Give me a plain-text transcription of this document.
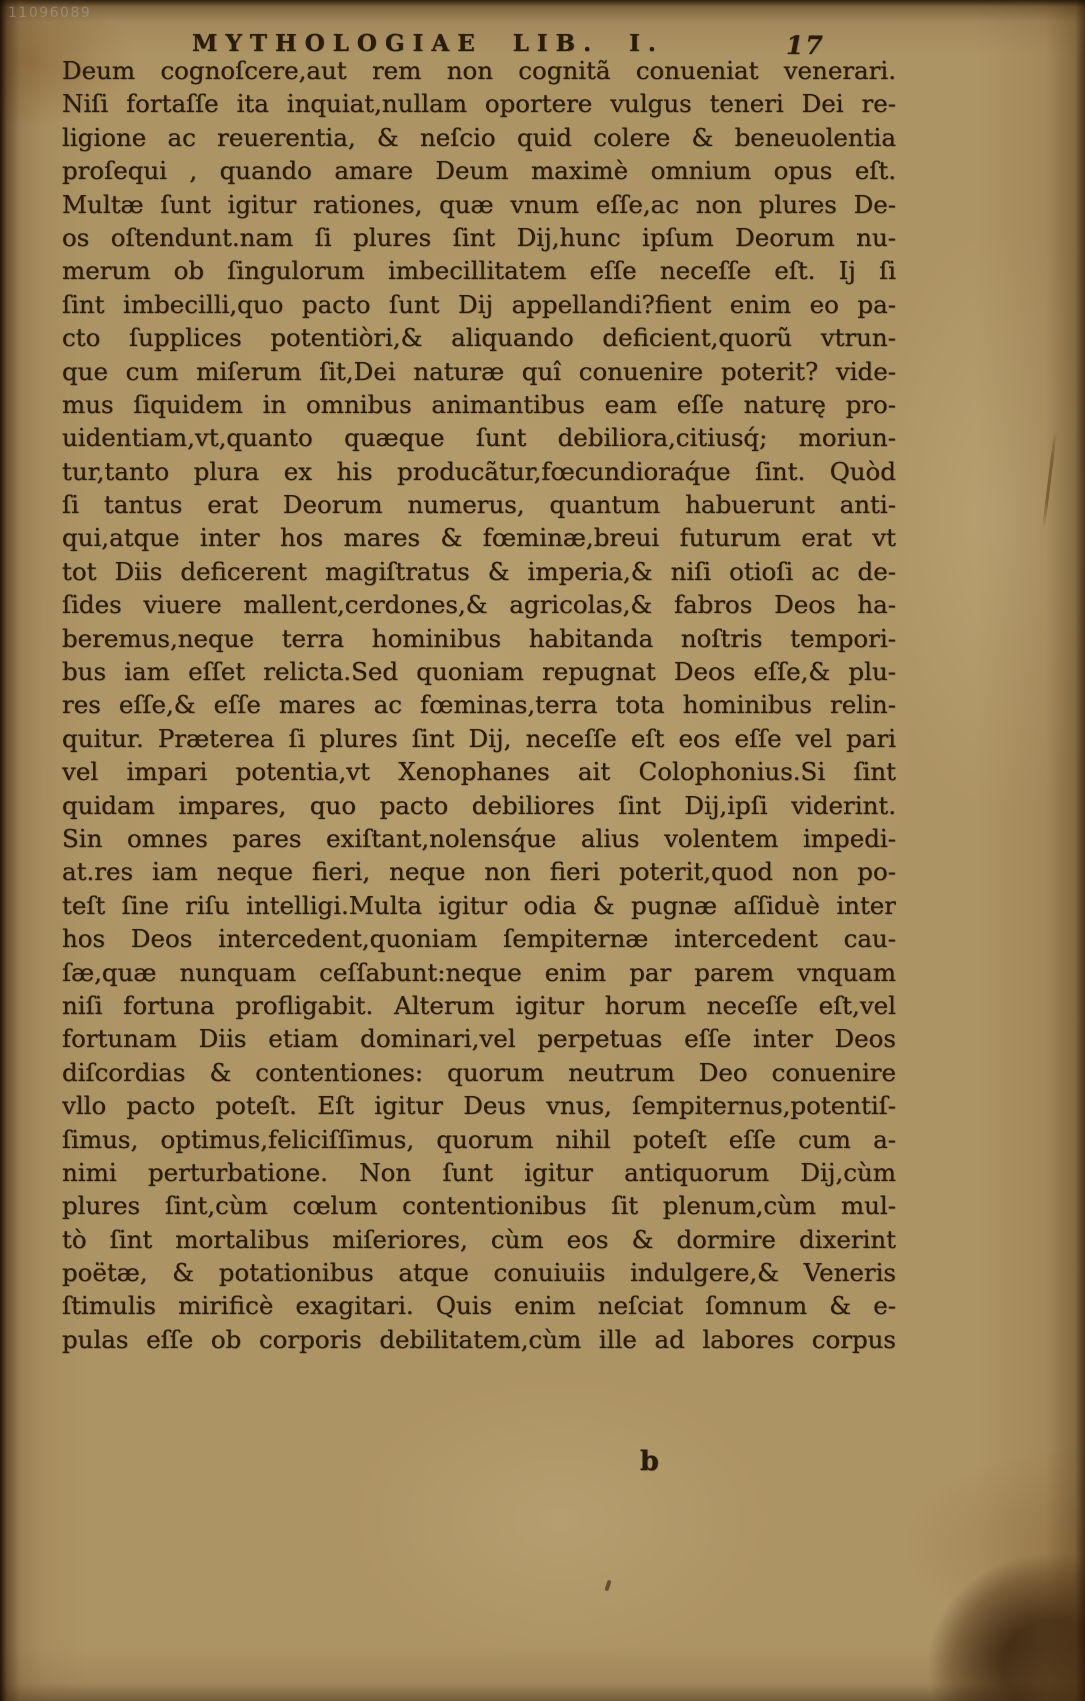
11096089
MYTHOLOGIAE LIB. I.	17
Deum cognoſcere,aut rem non cognitã conueniat venerari.
Niſi fortaſſe ita inquiat,nullam oportere vulgus teneri Dei re-
ligione ac reuerentia, & neſcio quid colere & beneuolentia
proſequi , quando amare Deum maximè omnium opus eſt.
Multæ ſunt igitur rationes, quæ vnum eſſe,ac non plures De-
os oſtendunt.nam ſi plures ſint Dij,hunc ipſum Deorum nu-
merum ob ſingulorum imbecillitatem eſſe neceſſe eſt. Ij ſi
ſint imbecilli,quo pacto ſunt Dij appellandi?fient enim eo pa-
cto ſupplices potentiòri,& aliquando deficient,quorũ vtrun-
que cum miſerum ſit,Dei naturæ quî conuenire poterit? vide-
mus ſiquidem in omnibus animantibus eam eſſe naturę pro-
uidentiam,vt,quanto quæque ſunt debiliora,citiusq́; moriun-
tur,tanto plura ex his producãtur,fœcundioraq́ue ſint. Quòd
ſi tantus erat Deorum numerus, quantum habuerunt anti-
qui,atque inter hos mares & fœminæ,breui futurum erat vt
tot Diis deficerent magiſtratus & imperia,& niſi otioſi ac de-
ſides viuere mallent,cerdones,& agricolas,& fabros Deos ha-
beremus,neque terra hominibus habitanda noſtris tempori-
bus iam eſſet relicta.Sed quoniam repugnat Deos eſſe,& plu-
res eſſe,& eſſe mares ac fœminas,terra tota hominibus relin-
quitur. Præterea ſi plures ſint Dij, neceſſe eſt eos eſſe vel pari
vel impari potentia,vt Xenophanes ait Colophonius.Si ſint
quidam impares, quo pacto debiliores ſint Dij,ipſi viderint.
Sin omnes pares exiſtant,nolensq́ue alius volentem impedi-
at.res iam neque fieri, neque non fieri poterit,quod non po-
teſt ſine riſu intelligi.Multa igitur odia & pugnæ aſſiduè inter
hos Deos intercedent,quoniam ſempiternæ intercedent cau-
ſæ,quæ nunquam ceſſabunt:neque enim par parem vnquam
niſi fortuna profligabit. Alterum igitur horum neceſſe eſt,vel
fortunam Diis etiam dominari,vel perpetuas eſſe inter Deos
diſcordias & contentiones: quorum neutrum Deo conuenire
vllo pacto poteſt. Eſt igitur Deus vnus, ſempiternus,potentiſ-
ſimus, optimus,feliciſſimus, quorum nihil poteſt eſſe cum a-
nimi perturbatione. Non ſunt igitur antiquorum Dij,cùm
plures ſint,cùm cœlum contentionibus ſit plenum,cùm mul-
tò ſint mortalibus miſeriores, cùm eos & dormire dixerint
poëtæ, & potationibus atque conuiuiis indulgere,& Veneris
ſtimulis mirificè exagitari. Quis enim neſciat ſomnum & e-
pulas eſſe ob corporis debilitatem,cùm ille ad labores corpus
b
